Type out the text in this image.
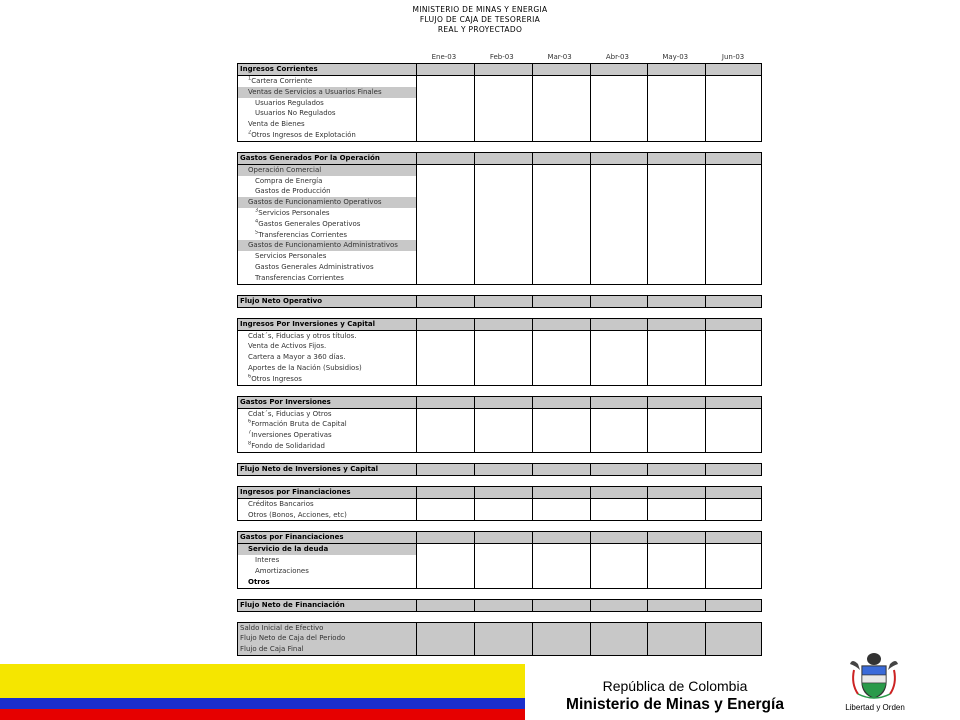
MINISTERIO DE MINAS Y ENERGIA
FLUJO DE CAJA DE TESORERIA
REAL Y PROYECTADO
Ene-03	Feb-03	Mar-03	Abr-03	May-03	Jun-03
Ingresos Corrientes
$^1$Cartera Corriente
Ventas de Servicios a Usuarios Finales
Usuarios Regulados
Usuarios No Regulados
Venta de Bienes
$^2$Otros Ingresos de Explotación
Gastos Generados Por la Operación
Operación Comercial
Compra de Energía
Gastos de Producción
Gastos de Funcionamiento Operativos
$^3$Servicios Personales
$^4$Gastos Generales Operativos
$^5$Transferencias Corrientes
Gastos de Funcionamiento Administrativos
Servicios Personales
Gastos Generales Administrativos
Transferencias Corrientes
Flujo Neto Operativo
Ingresos Por Inversiones y Capital
Cdat´s, Fiducias y otros títulos.
Venta de Activos Fijos.
Cartera a Mayor a 360 días.
Aportes de la Nación (Subsidios)
$^6$Otros Ingresos
Gastos Por Inversiones
Cdat´s, Fiducias y Otros
$^6$Formación Bruta de Capital
$^7$Inversiones Operativas
$^8$Fondo de Solidaridad
Flujo Neto de Inversiones y Capital
Ingresos por Financiaciones
Créditos Bancarios
Otros (Bonos, Acciones, etc)
Gastos por Financiaciones
Servicio de la deuda
Interes
Amortizaciones
Otros
Flujo Neto de Financiación
Saldo Inicial de Efectivo
Flujo Neto de Caja del Periodo
Flujo de Caja Final
República de Colombia
Ministerio de Minas y Energía	Libertad y Orden
